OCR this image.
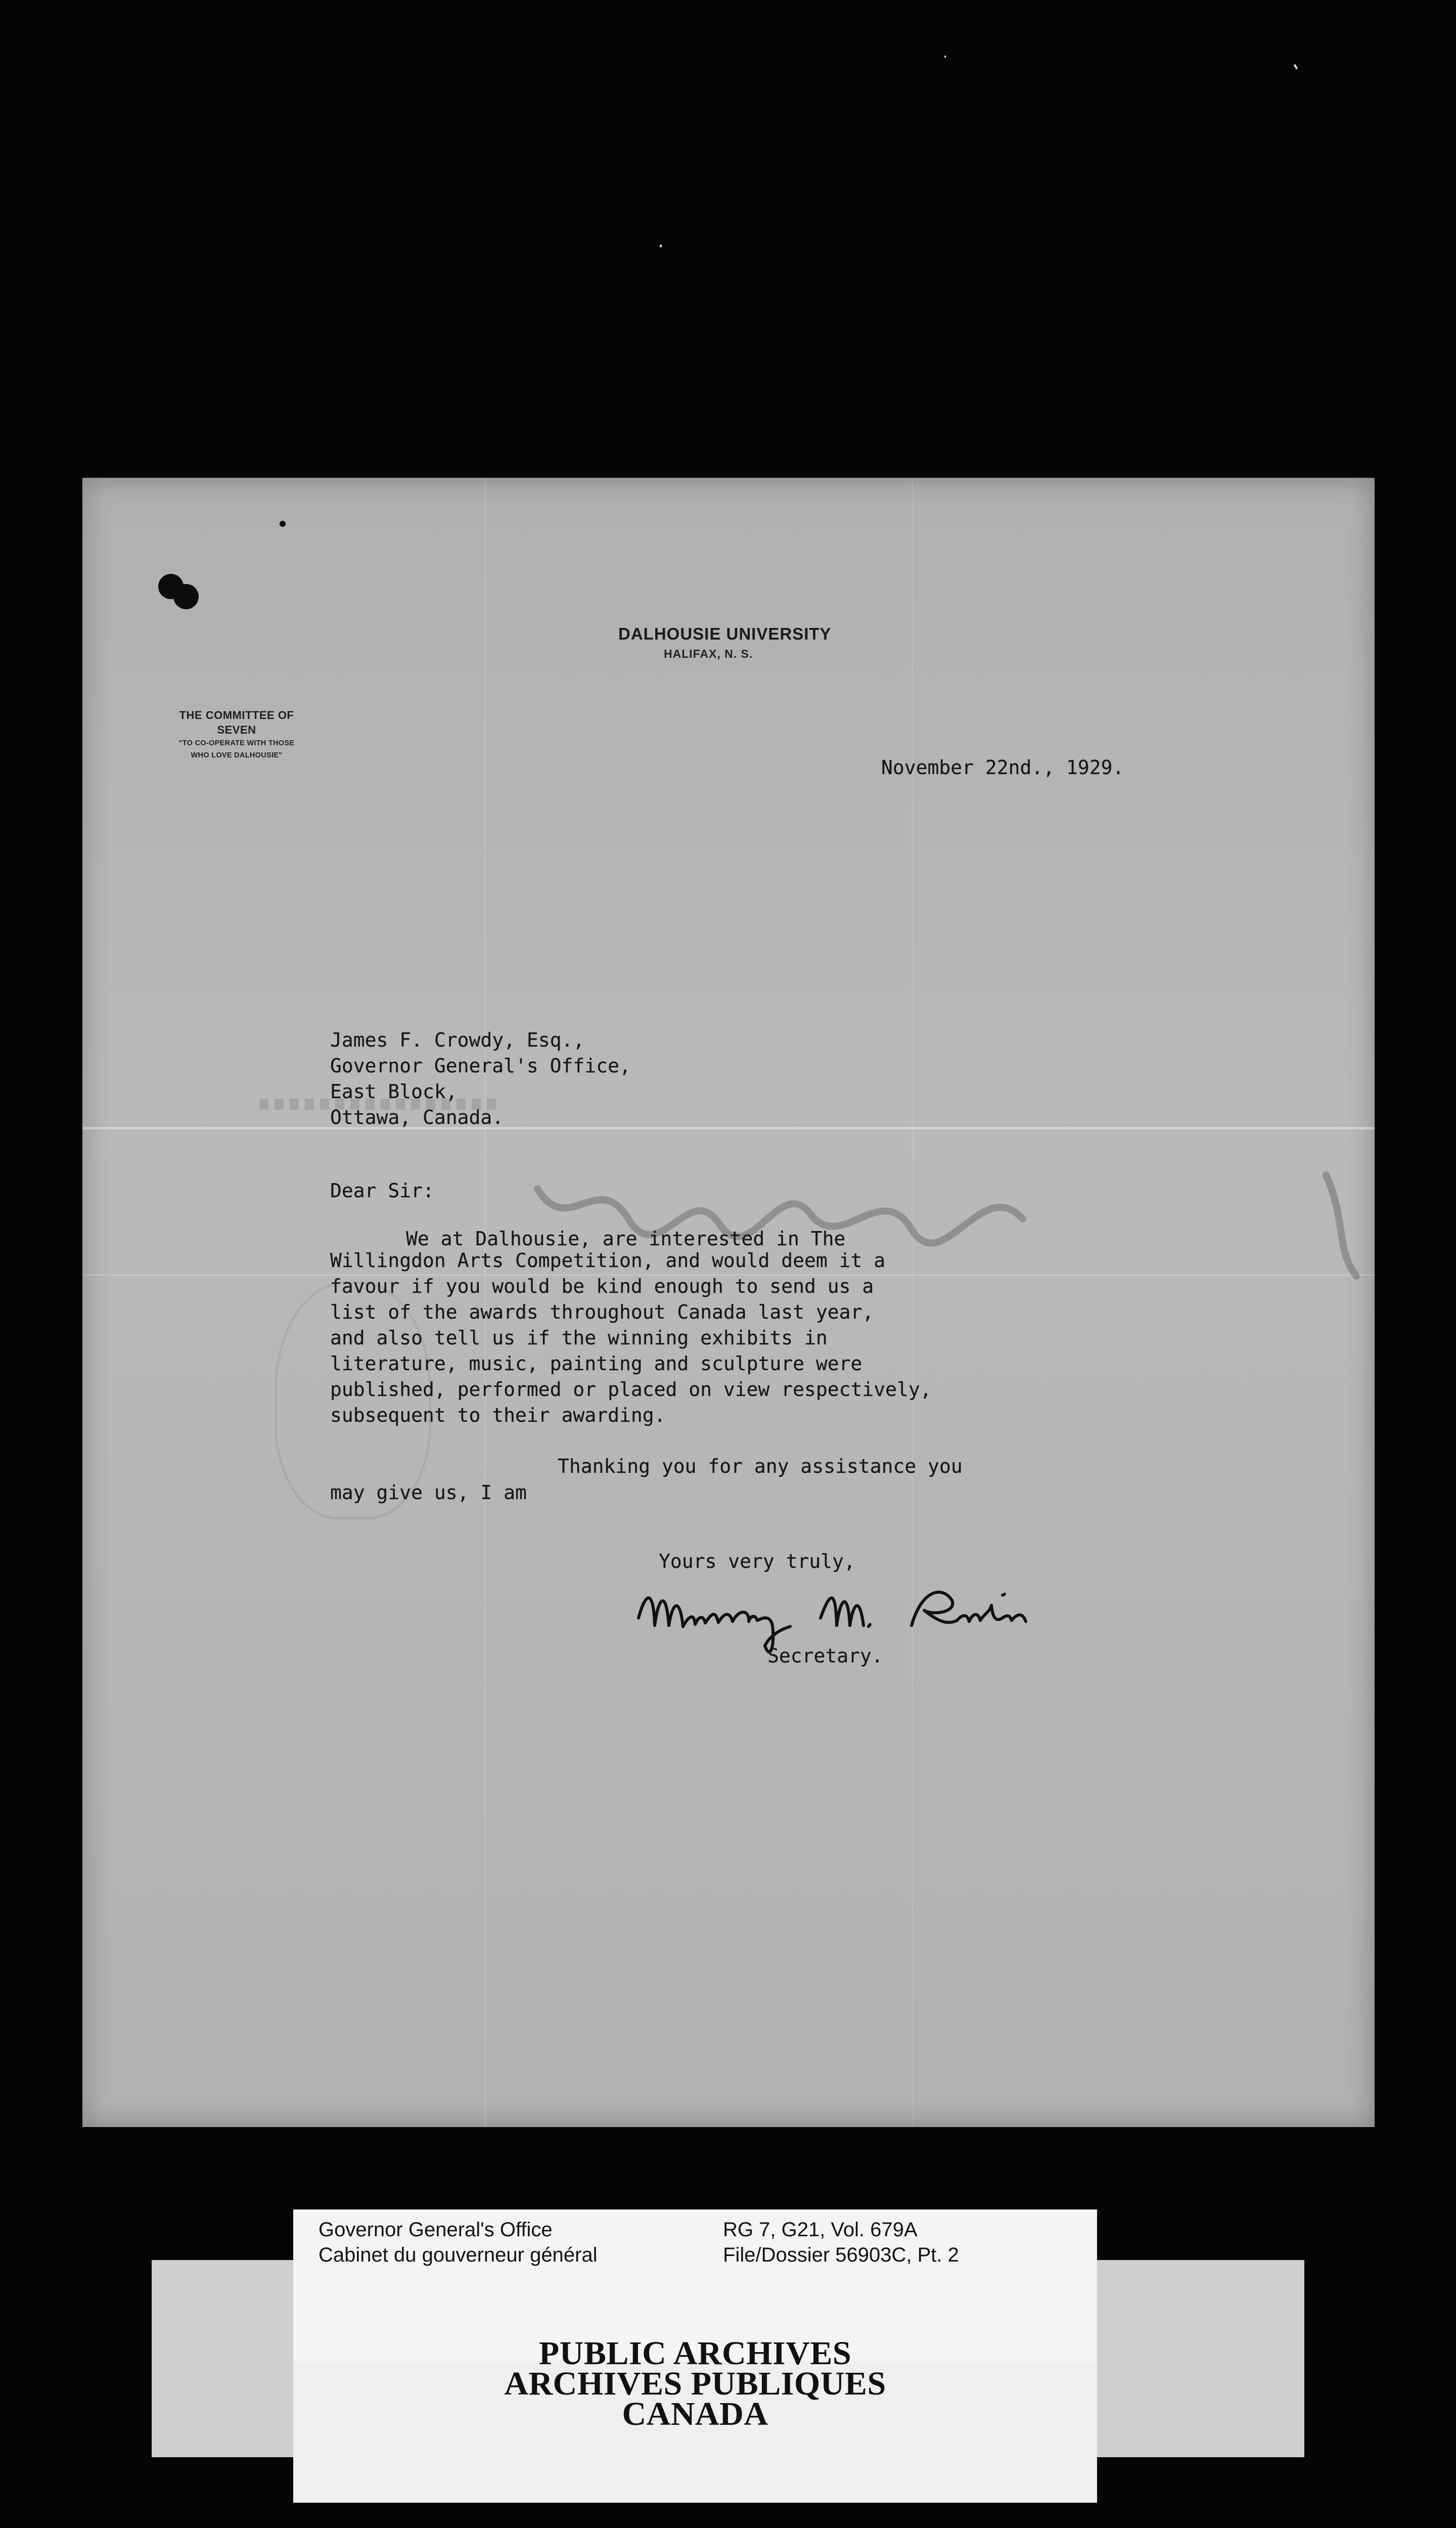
DALHOUSIE UNIVERSITY
HALIFAX, N. S.
THE COMMITTEE OF SEVEN
"TO CO-OPERATE WITH THOSE
WHO LOVE DALHOUSIE"
November 22nd., 1929.
James F. Crowdy, Esq.,
Governor General's Office,
East Block,
Ottawa, Canada.
Dear Sir:
We at Dalhousie, are interested in The
Willingdon Arts Competition, and would deem it a
favour if you would be kind enough to send us a
list of the awards throughout Canada last year,
and also tell us if the winning exhibits in
literature, music, painting and sculpture were
published, performed or placed on view respectively,
subsequent to their awarding.
Thanking you for any assistance you
may give us, I am
Yours very truly,
Secretary.
Governor General's Office
Cabinet du gouverneur général
RG 7, G21, Vol. 679A
File/Dossier 56903C, Pt. 2
PUBLIC ARCHIVES
ARCHIVES PUBLIQUES
CANADA
